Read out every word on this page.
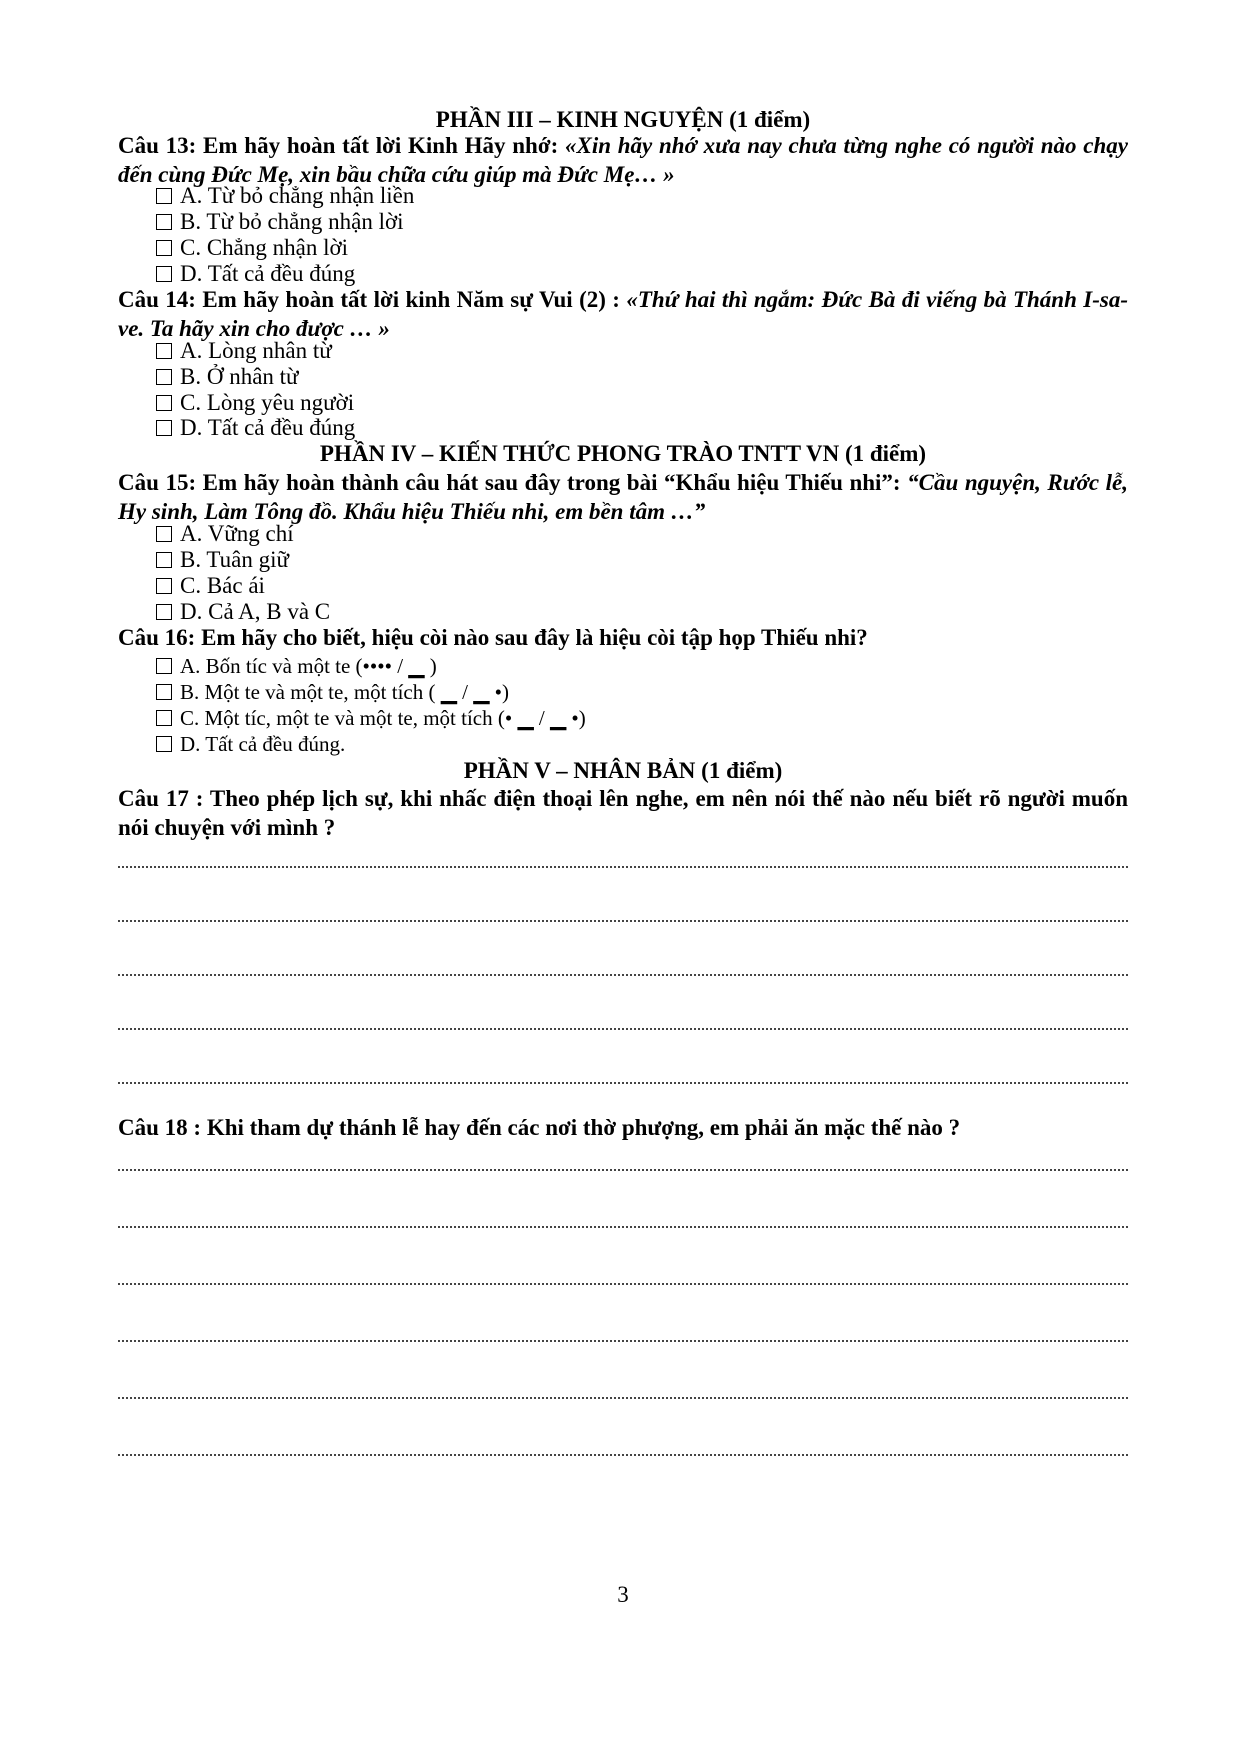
PHẦN III – KINH NGUYỆN (1 điểm)
Câu 13: Em hãy hoàn tất lời Kinh Hãy nhớ: «Xin hãy nhớ xưa nay chưa từng nghe có người nào chạy đến cùng Đức Mẹ, xin bầu chữa cứu giúp mà Đức Mẹ… »
A. Từ bỏ chẳng nhận liền
B. Từ bỏ chẳng nhận lời
C. Chẳng nhận lời
D. Tất cả đều đúng
Câu 14: Em hãy hoàn tất lời kinh Năm sự Vui (2) : «Thứ hai thì ngắm: Đức Bà đi viếng bà Thánh I-sa-ve. Ta hãy xin cho được … »
A. Lòng nhân từ
B. Ở nhân từ
C. Lòng yêu người
D. Tất cả đều đúng
PHẦN IV – KIẾN THỨC PHONG TRÀO TNTT VN (1 điểm)
Câu 15: Em hãy hoàn thành câu hát sau đây trong bài “Khẩu hiệu Thiếu nhi”: “Cầu nguyện, Rước lễ, Hy sinh, Làm Tông đồ. Khẩu hiệu Thiếu nhi, em bền tâm …”
A. Vững chí
B. Tuân giữ
C. Bác ái
D. Cả A, B và C
Câu 16: Em hãy cho biết, hiệu còi nào sau đây là hiệu còi tập họp Thiếu nhi?
A. Bốn tíc và một te (•••• / ▁ )
B. Một te và một te, một tích ( ▁ / ▁ •)
C. Một tíc, một te và một te, một tích (• ▁ / ▁ •)
D. Tất cả đều đúng.
PHẦN V – NHÂN BẢN (1 điểm)
Câu 17 : Theo phép lịch sự, khi nhấc điện thoại lên nghe, em nên nói thế nào nếu biết rõ người muốn nói chuyện với mình ?
Câu 18 : Khi tham dự thánh lễ hay đến các nơi thờ phượng, em phải ăn mặc thế nào ?
3
